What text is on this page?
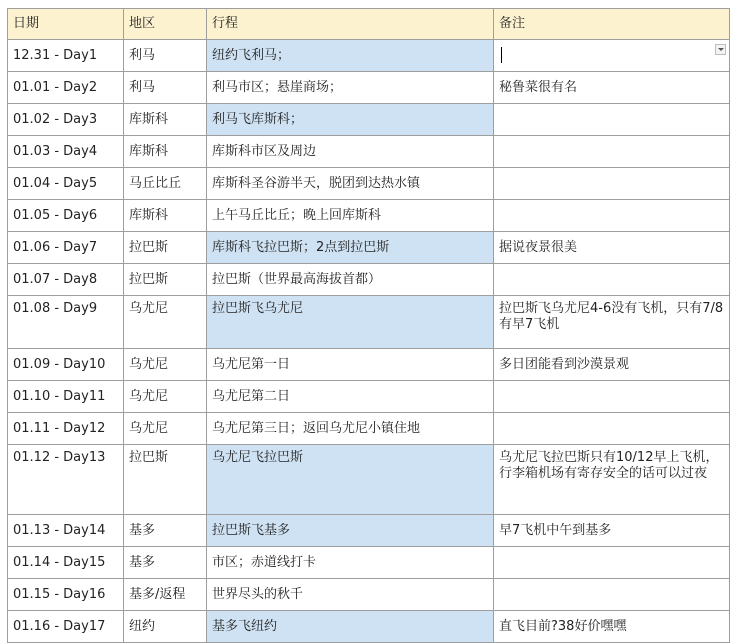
日期	地区	行程	备注
12.31 - Day1	利马	纽约飞利马；	

01.01 - Day2	利马	利马市区；悬崖商场；	秘鲁菜很有名
01.02 - Day3	库斯科	利马飞库斯科；	
01.03 - Day4	库斯科	库斯科市区及周边	
01.04 - Day5	马丘比丘	库斯科圣谷游半天，脱团到达热水镇	
01.05 - Day6	库斯科	上午马丘比丘；晚上回库斯科	
01.06 - Day7	拉巴斯	库斯科飞拉巴斯；2点到拉巴斯	据说夜景很美
01.07 - Day8	拉巴斯	拉巴斯（世界最高海拔首都）	
01.08 - Day9	乌尤尼	拉巴斯飞乌尤尼	拉巴斯飞乌尤尼4-6没有飞机，只有7/8有早7飞机
01.09 - Day10	乌尤尼	乌尤尼第一日	多日团能看到沙漠景观
01.10 - Day11	乌尤尼	乌尤尼第二日	
01.11 - Day12	乌尤尼	乌尤尼第三日；返回乌尤尼小镇住地	
01.12 - Day13	拉巴斯	乌尤尼飞拉巴斯	乌尤尼飞拉巴斯只有10/12早上飞机，行李箱机场有寄存安全的话可以过夜
01.13 - Day14	基多	拉巴斯飞基多	早7飞机中午到基多
01.14 - Day15	基多	市区；赤道线打卡	
01.15 - Day16	基多/返程	世界尽头的秋千	
01.16 - Day17	纽约	基多飞纽约	直飞目前?38好价嘿嘿
